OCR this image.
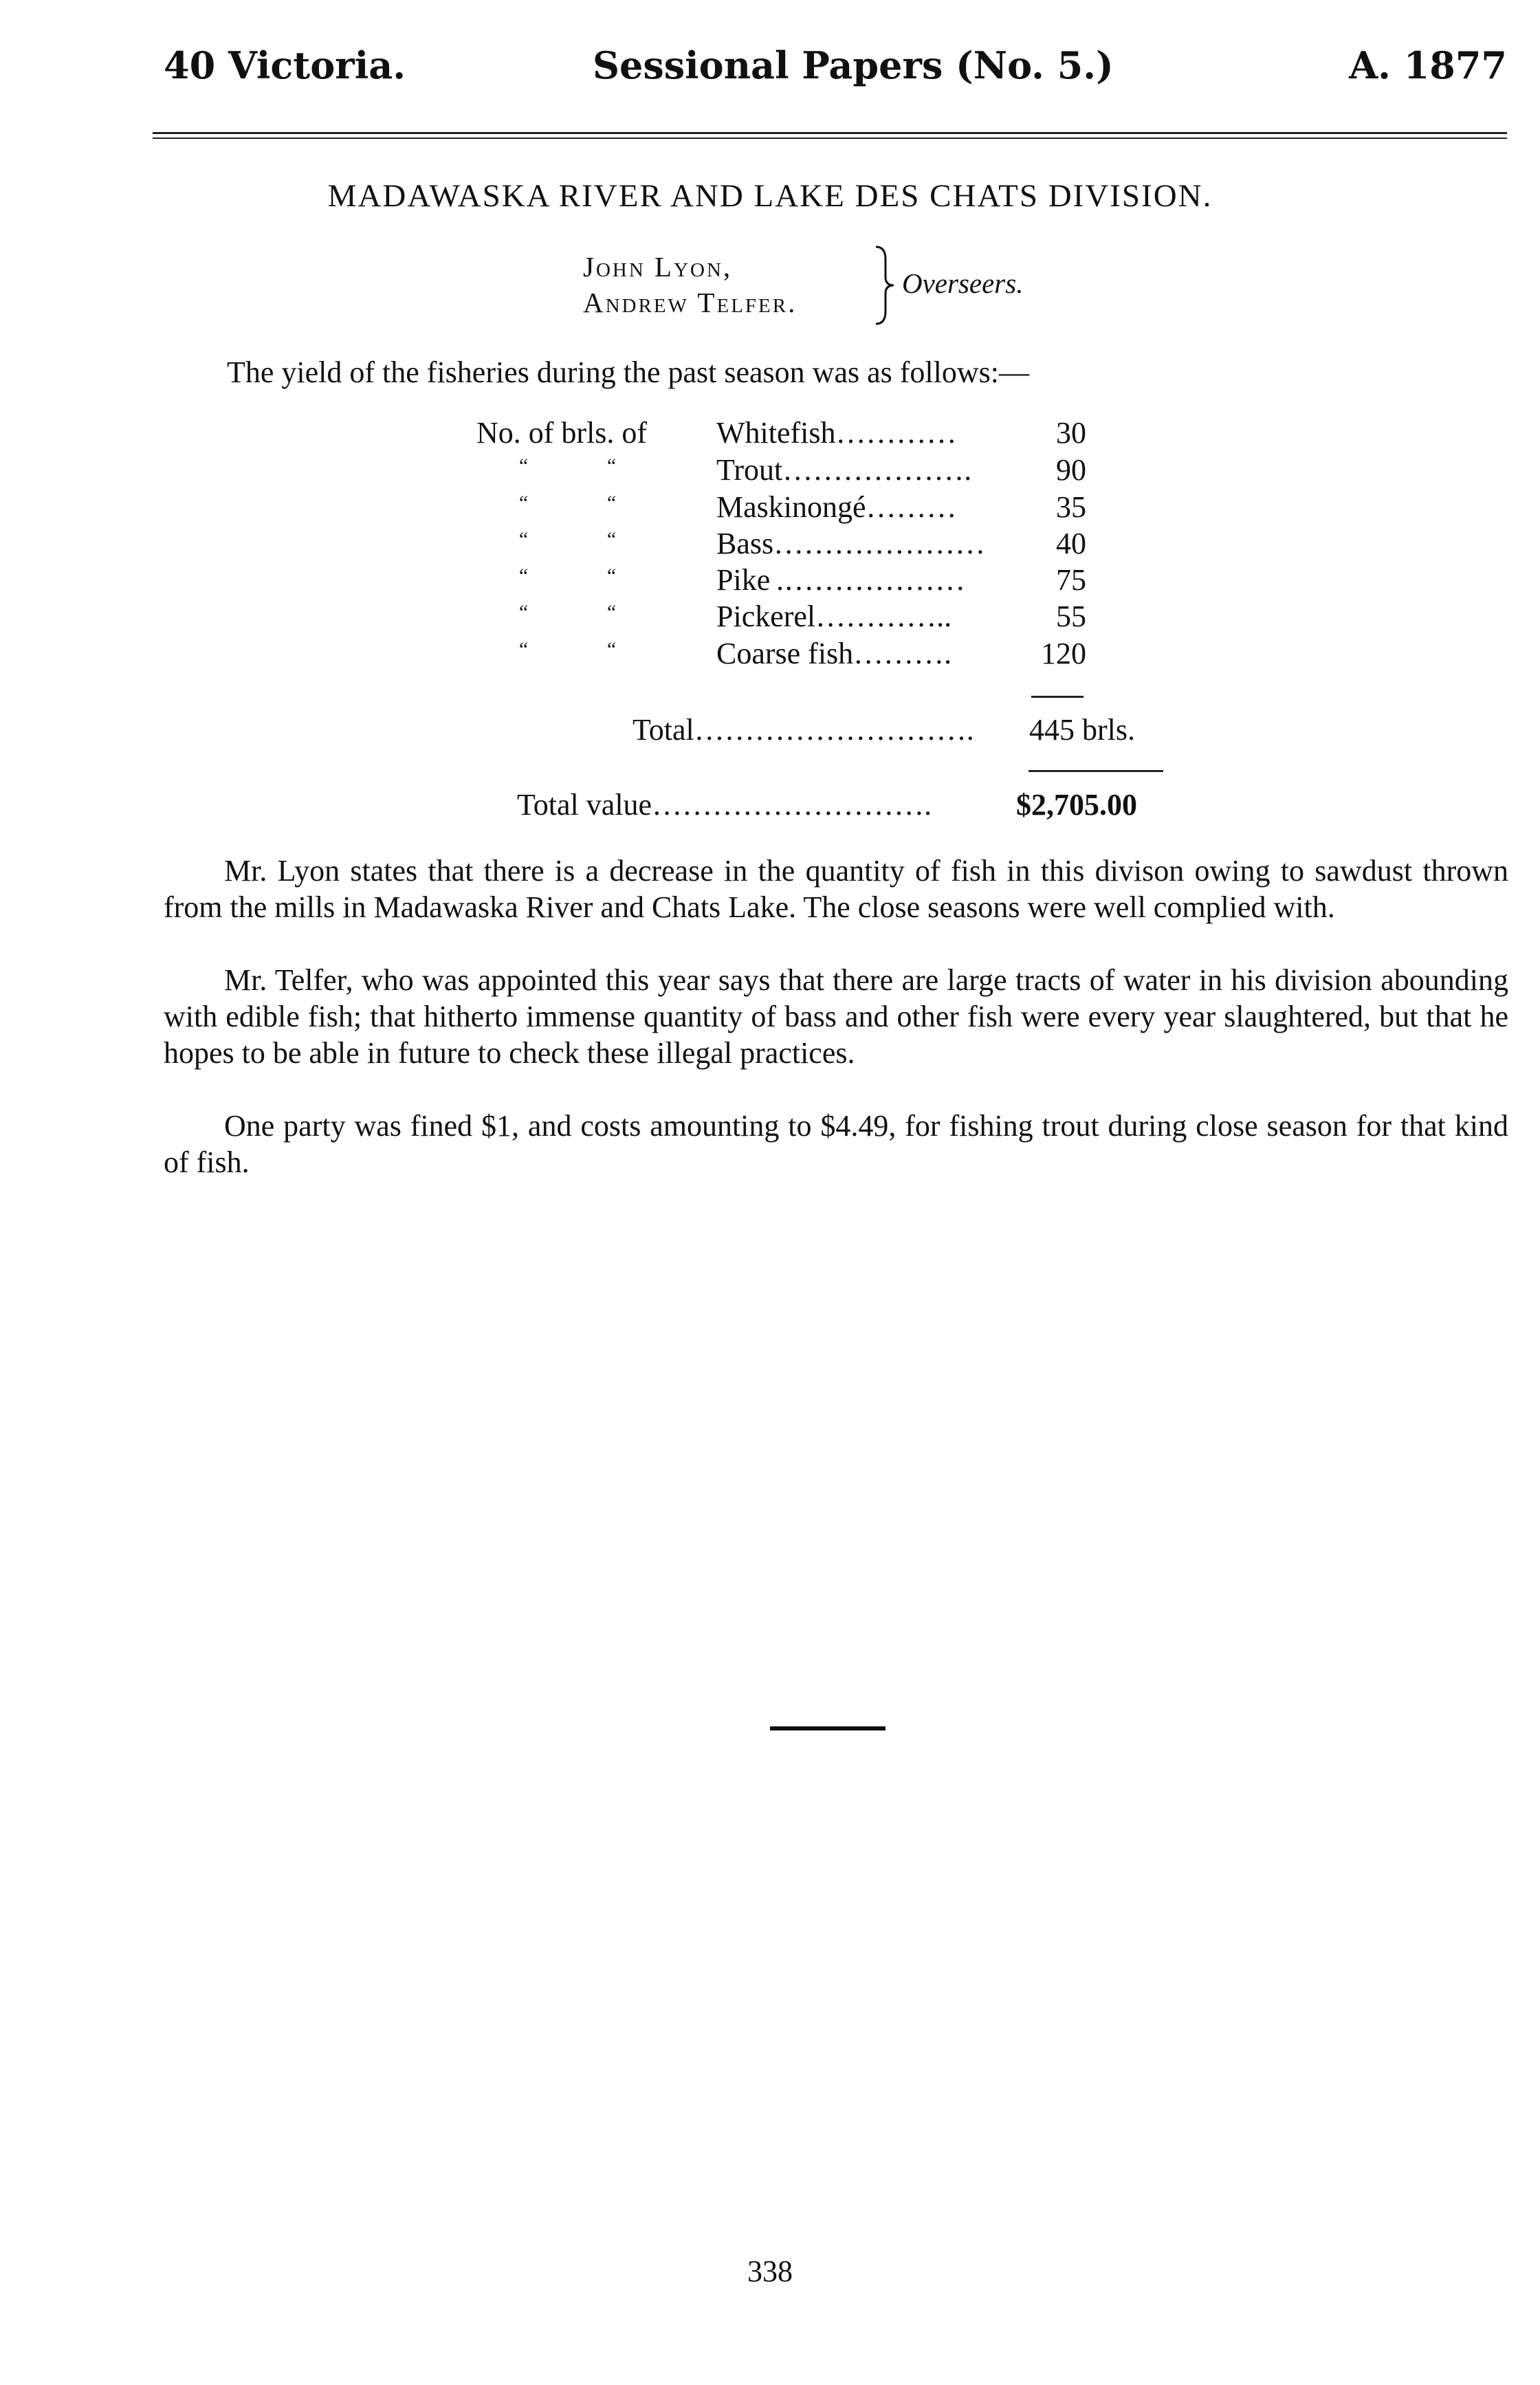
40 Victoria.	Sessional Papers (No. 5.)	A. 1877
MADAWASKA RIVER AND LAKE DES CHATS DIVISION.
John Lyon,
Andrew Telfer.
Overseers.
The yield of the fisheries during the past season was as follows:—
No. of brls. of Whitefish…………	30
“	“	Trout……………….	90
“	“	Maskinongé………	35
“	“	Bass………………… 40
“	“	Pike .………………	75
“	“	Pickerel…………..	55
“	“	Coarse fish……….	120
Total………………………. 445 brls.
Total value……………………….	$2,705.00

Mr. Lyon states that there is a decrease in the quantity of fish in this divison owing to sawdust thrown from the mills in Madawaska River and Chats Lake. The close seasons were well complied with.

Mr. Telfer, who was appointed this year says that there are large tracts of water in his division abounding with edible fish; that hitherto immense quantity of bass and other fish were every year slaughtered, but that he hopes to be able in future to check these illegal practices.

One party was fined $1, and costs amounting to $4.49, for fishing trout during close season for that kind of fish.

338
